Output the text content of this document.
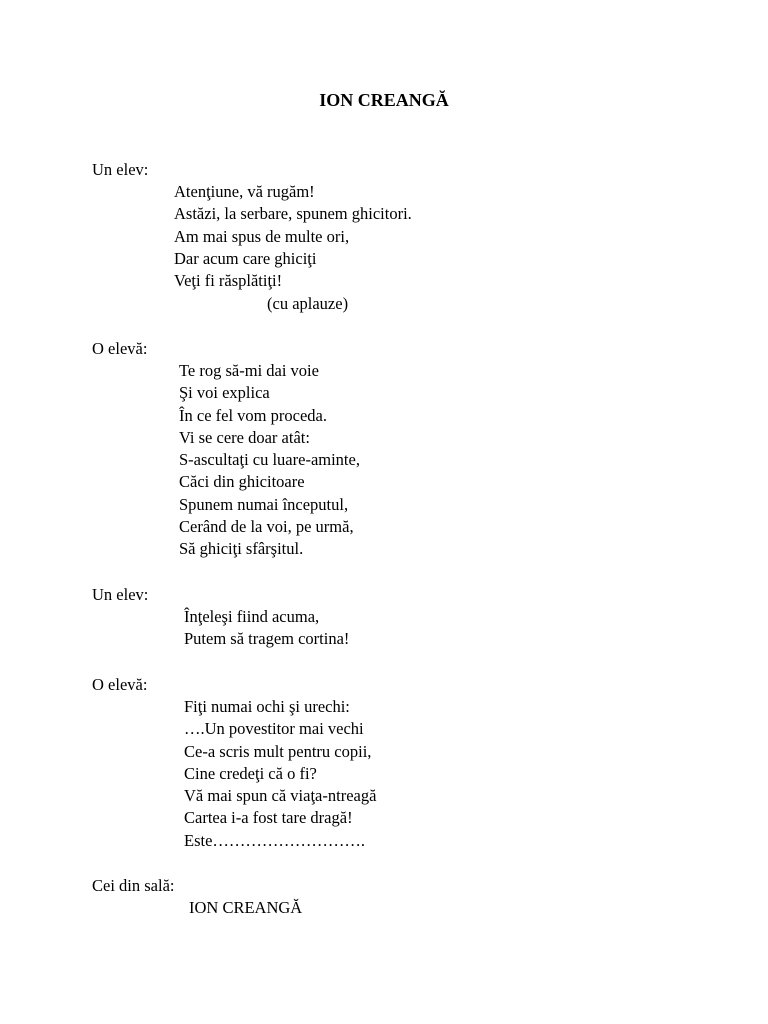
ION CREANGĂ

Un elev:

Atenţiune, vă rugăm!
Astăzi, la serbare, spunem ghicitori.
Am mai spus de multe ori,
Dar acum care ghiciţi
Veţi fi răsplătiţi!

(cu aplauze)

O elevă:

Te rog să-mi dai voie
Şi voi explica
În ce fel vom proceda.
Vi se cere doar atât:
S-ascultaţi cu luare-aminte,
Căci din ghicitoare
Spunem numai începutul,
Cerând de la voi, pe urmă,
Să ghiciţi sfârşitul.

Un elev:

Înţeleşi fiind acuma,
Putem să tragem cortina!

O elevă:

Fiţi numai ochi şi urechi:
….Un povestitor mai vechi
Ce-a scris mult pentru copii,
Cine credeţi că o fi?
Vă mai spun că viaţa-ntreagă
Cartea i-a fost tare dragă!
Este……………………….

Cei din sală:

ION CREANGĂ
